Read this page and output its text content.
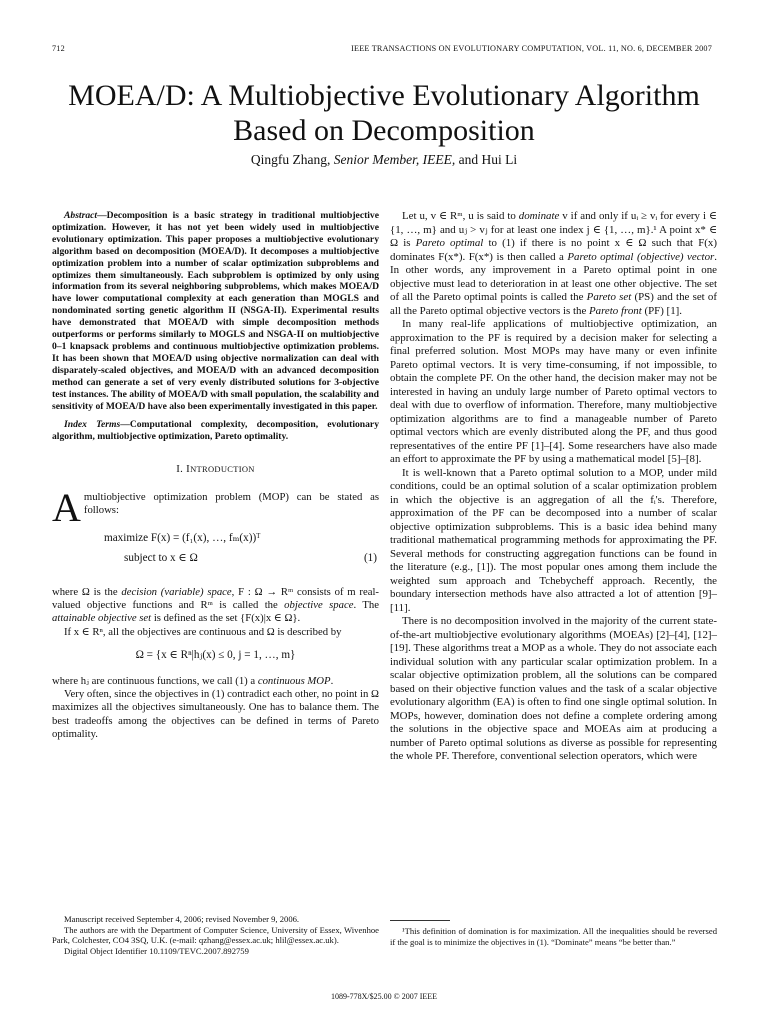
712	IEEE TRANSACTIONS ON EVOLUTIONARY COMPUTATION, VOL. 11, NO. 6, DECEMBER 2007
MOEA/D: A Multiobjective Evolutionary Algorithm
Based on Decomposition
Qingfu Zhang, Senior Member, IEEE, and Hui Li

Abstract—Decomposition is a basic strategy in traditional multiobjective optimization. However, it has not yet been widely used in multiobjective evolutionary optimization. This paper proposes a multiobjective evolutionary algorithm based on decomposition (MOEA/D). It decomposes a multiobjective optimization problem into a number of scalar optimization subproblems and optimizes them simultaneously. Each subproblem is optimized by only using information from its several neighboring subproblems, which makes MOEA/D have lower computational complexity at each generation than MOGLS and nondominated sorting genetic algorithm II (NSGA-II). Experimental results have demonstrated that MOEA/D with simple decomposition methods outperforms or performs similarly to MOGLS and NSGA-II on multiobjective 0–1 knapsack problems and continuous multiobjective optimization problems. It has been shown that MOEA/D using objective normalization can deal with disparately-scaled objectives, and MOEA/D with an advanced decomposition method can generate a set of very evenly distributed solutions for 3-objective test instances. The ability of MOEA/D with small population, the scalability and sensitivity of MOEA/D have also been experimentally investigated in this paper.

Index Terms—Computational complexity, decomposition, evolutionary algorithm, multiobjective optimization, Pareto optimality.

I. INTRODUCTION
A multiobjective optimization problem (MOP) can be stated as follows:
maximize F(x) = (f₁(x), …, fₘ(x))ᵀ
subject to x ∈ Ω	(1)

where Ω is the decision (variable) space, F : Ω → Rᵐ consists of m real-valued objective functions and Rᵐ is called the objective space. The attainable objective set is defined as the set {F(x)|x ∈ Ω}.

If x ∈ Rⁿ, all the objectives are continuous and Ω is described by

Ω = {x ∈ Rⁿ|hⱼ(x) ≤ 0, j = 1, …, m}

where hⱼ are continuous functions, we call (1) a continuous MOP.

Very often, since the objectives in (1) contradict each other, no point in Ω maximizes all the objectives simultaneously. One has to balance them. The best tradeoffs among the objectives can be defined in terms of Pareto optimality.

Let u, v ∈ Rᵐ, u is said to dominate v if and only if uᵢ ≥ vᵢ for every i ∈ {1, …, m} and uⱼ > vⱼ for at least one index j ∈ {1, …, m}.¹ A point x* ∈ Ω is Pareto optimal to (1) if there is no point x ∈ Ω such that F(x) dominates F(x*). F(x*) is then called a Pareto optimal (objective) vector. In other words, any improvement in a Pareto optimal point in one objective must lead to deterioration in at least one other objective. The set of all the Pareto optimal points is called the Pareto set (PS) and the set of all the Pareto optimal objective vectors is the Pareto front (PF) [1].

In many real-life applications of multiobjective optimization, an approximation to the PF is required by a decision maker for selecting a final preferred solution. Most MOPs may have many or even infinite Pareto optimal vectors. It is very time-consuming, if not impossible, to obtain the complete PF. On the other hand, the decision maker may not be interested in having an unduly large number of Pareto optimal vectors to deal with due to overflow of information. Therefore, many multiobjective optimization algorithms are to find a manageable number of Pareto optimal vectors which are evenly distributed along the PF, and thus good representatives of the entire PF [1]–[4]. Some researchers have also made an effort to approximate the PF by using a mathematical model [5]–[8].

It is well-known that a Pareto optimal solution to a MOP, under mild conditions, could be an optimal solution of a scalar optimization problem in which the objective is an aggregation of all the fᵢ's. Therefore, approximation of the PF can be decomposed into a number of scalar objective optimization subproblems. This is a basic idea behind many traditional mathematical programming methods for approximating the PF. Several methods for constructing aggregation functions can be found in the literature (e.g., [1]). The most popular ones among them include the weighted sum approach and Tchebycheff approach. Recently, the boundary intersection methods have also attracted a lot of attention [9]–[11].

There is no decomposition involved in the majority of the current state-of-the-art multiobjective evolutionary algorithms (MOEAs) [2]–[4], [12]–[19]. These algorithms treat a MOP as a whole. They do not associate each individual solution with any particular scalar optimization problem. In a scalar objective optimization problem, all the solutions can be compared based on their objective function values and the task of a scalar objective evolutionary algorithm (EA) is often to find one single optimal solution. In MOPs, however, domination does not define a complete ordering among the solutions in the objective space and MOEAs aim at producing a number of Pareto optimal solutions as diverse as possible for representing the whole PF. Therefore, conventional selection operators, which were

Manuscript received September 4, 2006; revised November 9, 2006.

The authors are with the Department of Computer Science, University of Essex, Wivenhoe Park, Colchester, CO4 3SQ, U.K. (e-mail: qzhang@essex.ac.uk; hlil@essex.ac.uk).

Digital Object Identifier 10.1109/TEVC.2007.892759

¹This definition of domination is for maximization. All the inequalities should be reversed if the goal is to minimize the objectives in (1). “Dominate” means “be better than.”

1089-778X/$25.00 © 2007 IEEE
